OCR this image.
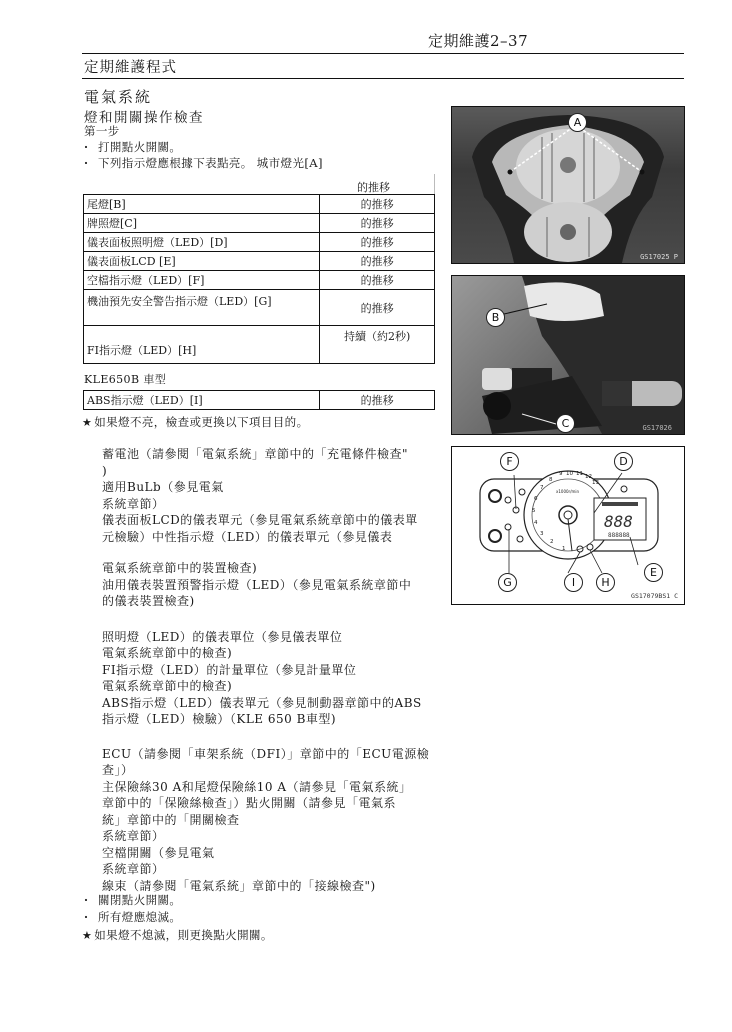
定期維護2–37
定期維護程式
電氣系統
燈和開關操作檢查
第一步
· 打開點火開關。
· 下列指示燈應根據下表點亮。 城市燈光[A]
的推移
尾燈[B]	的推移
牌照燈[C]	的推移
儀表面板照明燈（LED）[D]	的推移
儀表面板LCD [E]	的推移
空檔指示燈（LED）[F]	的推移
機油預先安全警告指示燈（LED）[G]	的推移
FI指示燈（LED）[H]	持續（約2秒)
KLE650B 車型
ABS指示燈（LED）[I]	的推移
★ 如果燈不亮，檢查或更換以下項目目的。
蓄電池（請參閱「電氣系統」章節中的「充電條件檢查"
)
適用BuLb（參見電氣
系統章節）
儀表面板LCD的儀表單元（參見電氣系統章節中的儀表單
元檢驗）中性指示燈（LED）的儀表單元（參見儀表
電氣系統章節中的裝置檢查)
油用儀表裝置預警指示燈（LED）（參見電氣系統章節中
的儀表裝置檢查)
照明燈（LED）的儀表單位（參見儀表單位
電氣系統章節中的檢查)
FI指示燈（LED）的計量單位（參見計量單位
電氣系統章節中的檢查)
ABS指示燈（LED）儀表單元（參見制動器章節中的ABS
指示燈（LED）檢驗）（KLE 650 B車型)
ECU（請參閱「車架系統（DFI）」章節中的「ECU電源檢
查」）
主保險絲30 A和尾燈保險絲10 A（請參見「電氣系統」
章節中的「保險絲檢查」）點火開關（請參見「電氣系
統」章節中的「開關檢查
系統章節）
空檔開關（參見電氣
系統章節）
線束（請參閱「電氣系統」章節中的「接線檢查")
· 關閉點火開關。
· 所有燈應熄滅。
★ 如果燈不熄滅，則更換點火開關。
A
GS17025 P
B
C	GS17026
888
888888
1
2
3
4
5
6
7
8
9 10 11 12
13
x1000r/min
F	D
E
G	I	H
GS17079BS1 C
